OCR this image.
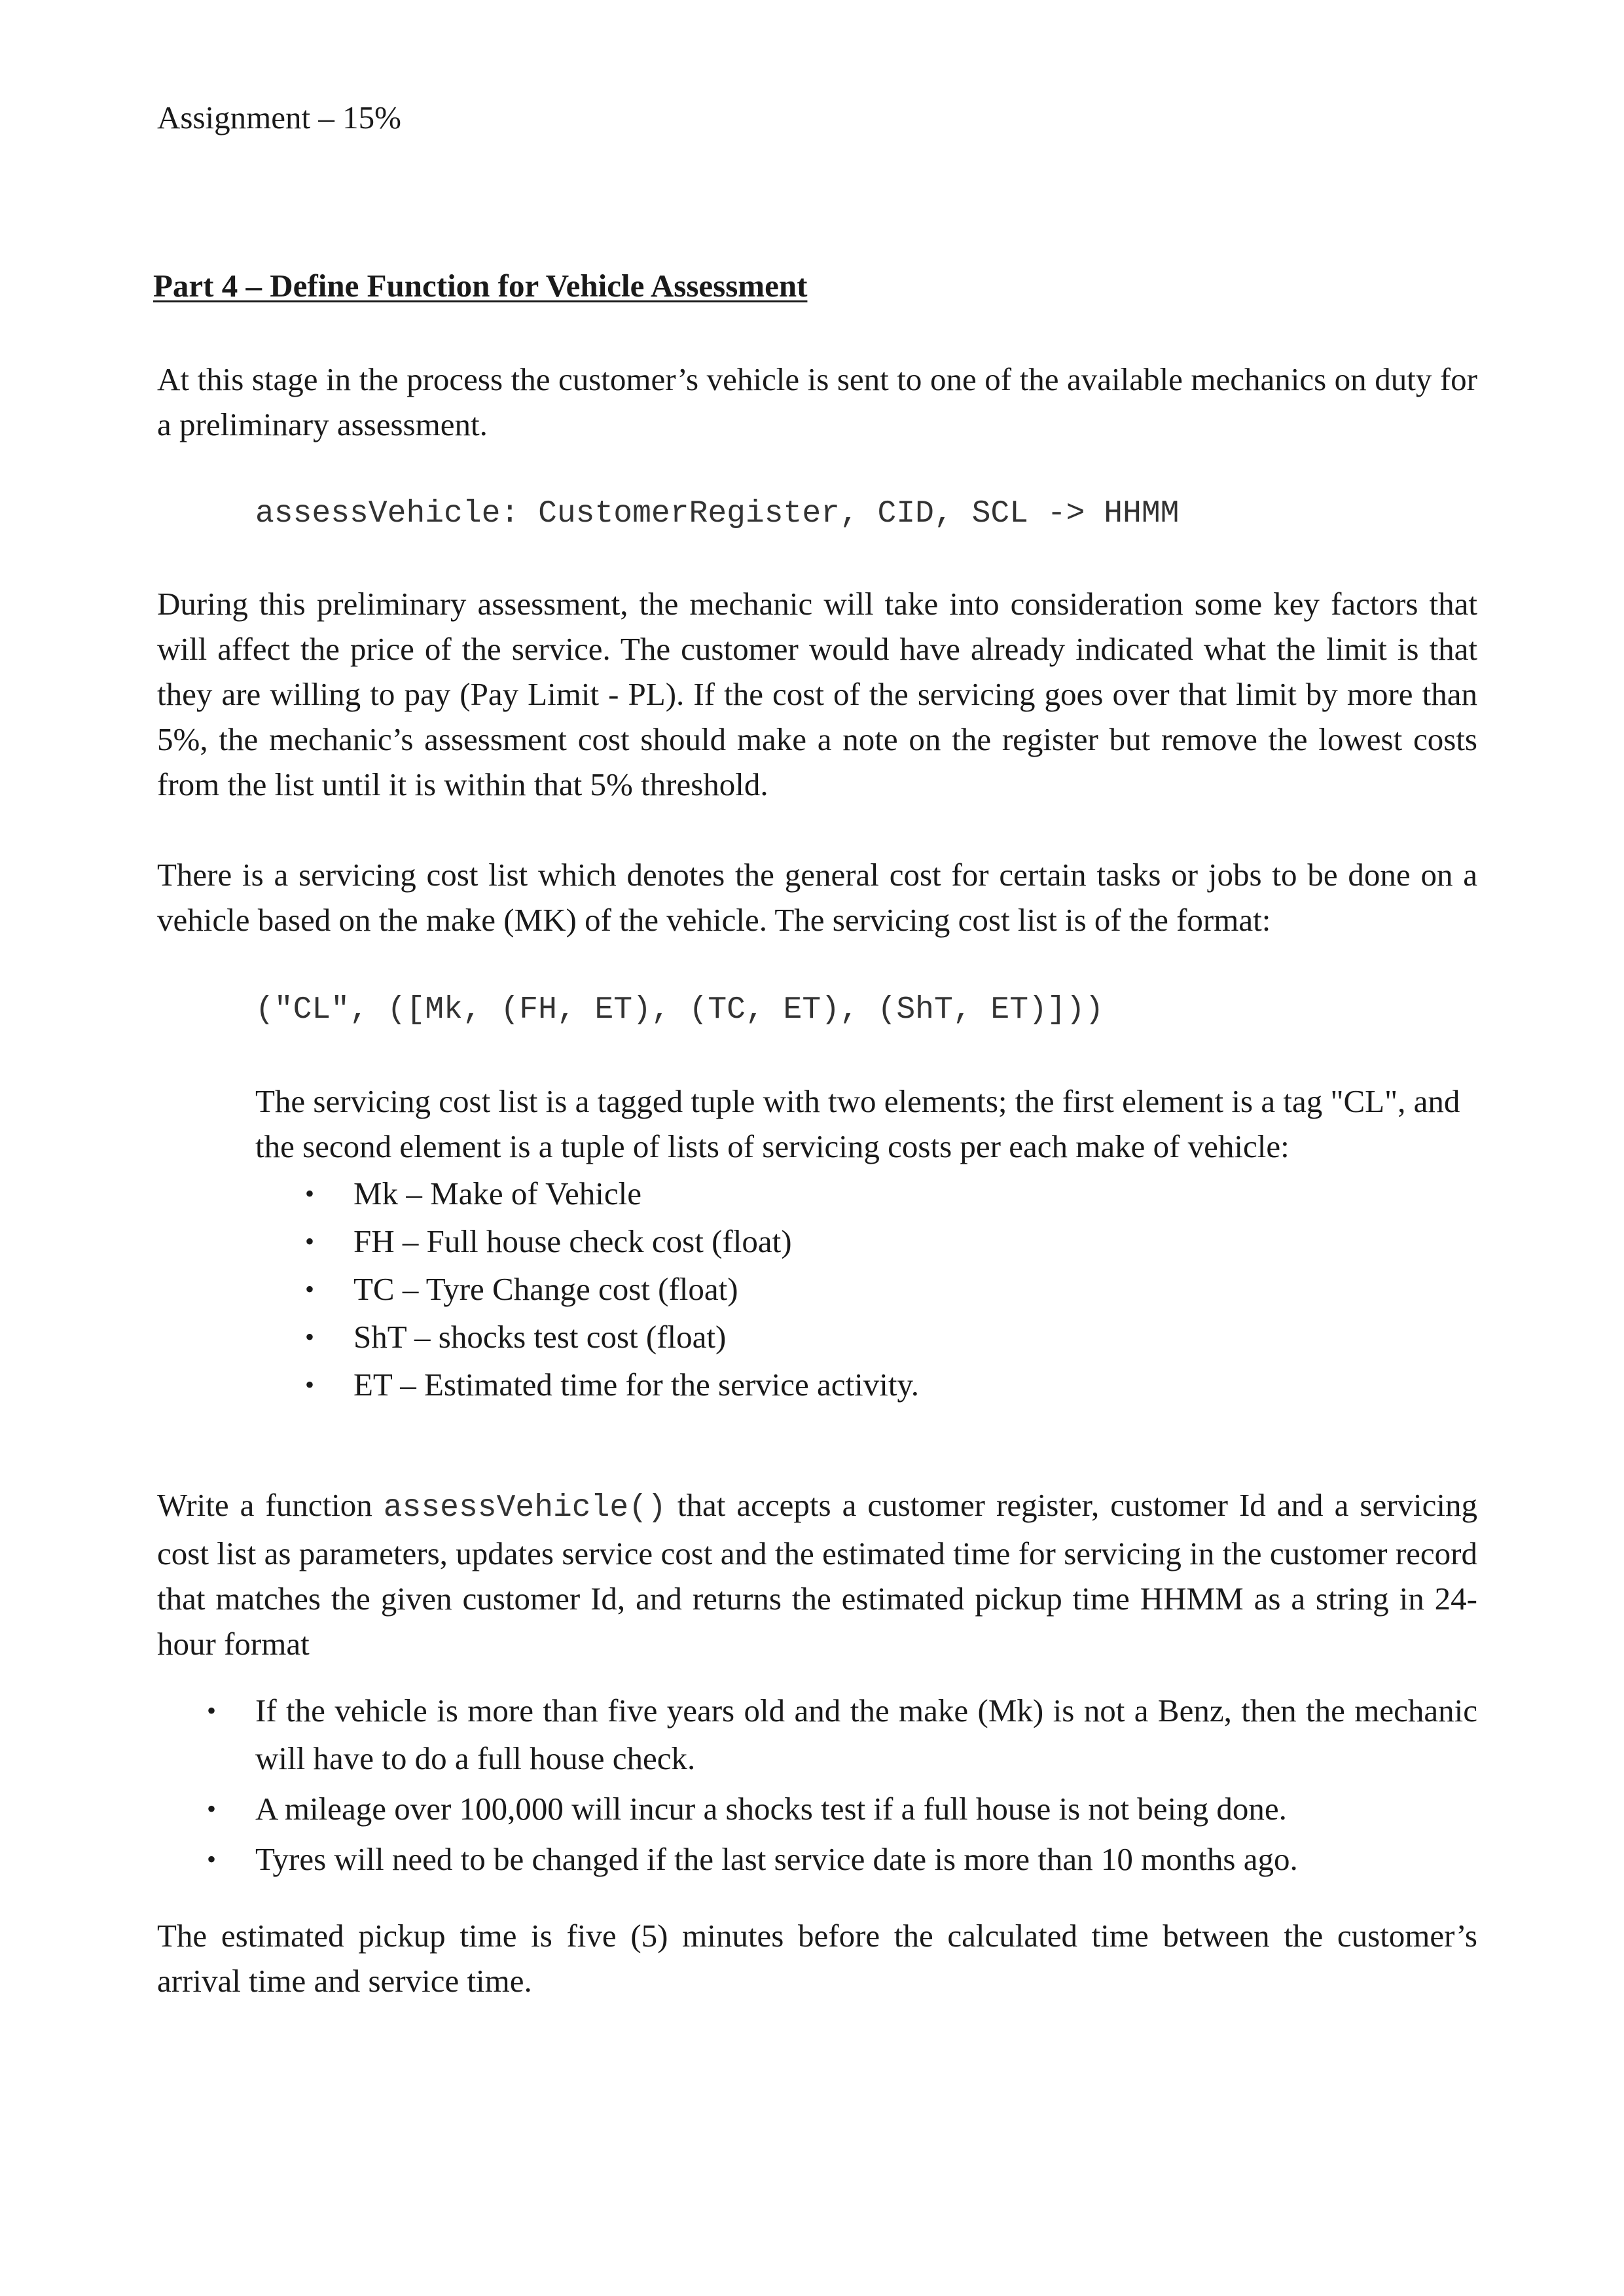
Assignment – 15%

Part 4 – Define Function for Vehicle Assessment

At this stage in the process the customer’s vehicle is sent to one of the available mechanics on duty for a preliminary assessment.

assessVehicle: CustomerRegister, CID, SCL -> HHMM

During this preliminary assessment, the mechanic will take into consideration some key factors that will affect the price of the service. The customer would have already indicated what the limit is that they are willing to pay (Pay Limit - PL). If the cost of the servicing goes over that limit by more than 5%, the mechanic’s assessment cost should make a note on the register but remove the lowest costs from the list until it is within that 5% threshold.

There is a servicing cost list which denotes the general cost for certain tasks or jobs to be done on a vehicle based on the make (MK) of the vehicle. The servicing cost list is of the format:

("CL", ([Mk, (FH, ET), (TC, ET), (ShT, ET)]))

The servicing cost list is a tagged tuple with two elements; the first element is a tag "CL", and the second element is a tuple of lists of servicing costs per each make of vehicle:

• Mk – Make of Vehicle
• FH – Full house check cost (float)
• TC – Tyre Change cost (float)
• ShT – shocks test cost (float)
• ET – Estimated time for the service activity.

Write a function assessVehicle() that accepts a customer register, customer Id and a servicing cost list as parameters, updates service cost and the estimated time for servicing in the customer record that matches the given customer Id, and returns the estimated pickup time HHMM as a string in 24-hour format

• If the vehicle is more than five years old and the make (Mk) is not a Benz, then the mechanic will have to do a full house check.
• A mileage over 100,000 will incur a shocks test if a full house is not being done.
• Tyres will need to be changed if the last service date is more than 10 months ago.

The estimated pickup time is five (5) minutes before the calculated time between the customer’s arrival time and service time.
